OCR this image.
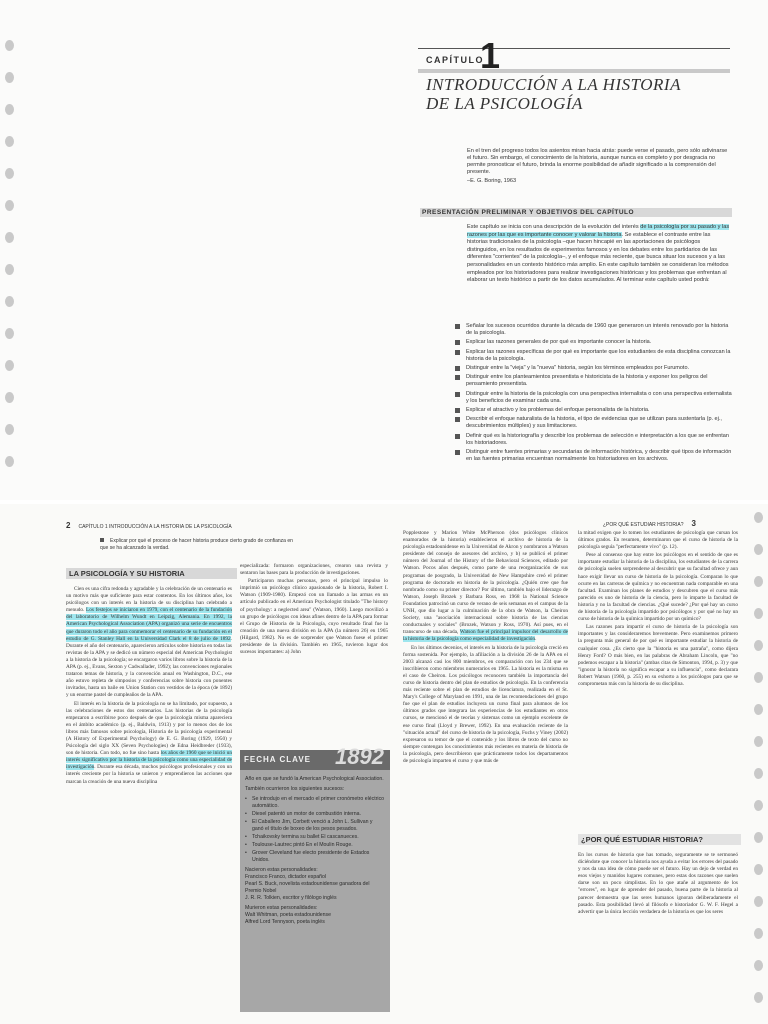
CAPÍTULO
1
INTRODUCCIÓN A LA HISTORIA
DE LA PSICOLOGÍA
En el tren del progreso todos los asientos miran hacia atrás: puede verse el pasado, pero sólo adivinarse el futuro. Sin embargo, el conocimiento de la historia, aunque nunca es completo y por desgracia no permite pronosticar el futuro, brinda la enorme posibilidad de añadir significado a la comprensión del presente.
–E. G. Boring, 1963
PRESENTACIÓN PRELIMINAR Y OBJETIVOS DEL CAPÍTULO
Este capítulo se inicia con una descripción de la evolución del interés de la psicología por su pasado y las razones por las que es importante conocer y valorar la historia. Se establece el contraste entre las historias tradicionales de la psicología –que hacen hincapié en las aportaciones de psicólogos distinguidos, en los resultados de experimentos famosos y en los debates entre los partidarios de las diferentes "corrientes" de la psicología–, y el enfoque más reciente, que busca situar los sucesos y a las personalidades en un contexto histórico más amplio. En este capítulo también se consideran los métodos empleados por los historiadores para realizar investigaciones históricas y los problemas que enfrentan al elaborar un texto histórico a partir de los datos acumulados. Al terminar este capítulo usted podrá:
Señalar los sucesos ocurridos durante la década de 1960 que generaron un interés renovado por la historia de la psicología.
Explicar las razones generales de por qué es importante conocer la historia.
Explicar las razones específicas de por qué es importante que los estudiantes de esta disciplina conozcan la historia de la psicología.
Distinguir entre la "vieja" y la "nueva" historia, según los términos empleados por Furumoto.
Distinguir entre los planteamientos presentista e historicista de la historia y exponer los peligros del pensamiento presentista.
Distinguir entre la historia de la psicología con una perspectiva internalista o con una perspectiva externalista y los beneficios de examinar cada una.
Explicar el atractivo y los problemas del enfoque personalista de la historia.
Describir el enfoque naturalista de la historia, el tipo de evidencias que se utilizan para sustentarla (p. ej., descubrimientos múltiples) y sus limitaciones.
Definir qué es la historiografía y describir los problemas de selección e interpretación a los que se enfrentan los historiadores.
Distinguir entre fuentes primarias y secundarias de información histórica, y describir qué tipos de información en las fuentes primarias encuentran normalmente los historiadores en los archivos.
2 CAPÍTULO 1 INTRODUCCIÓN A LA HISTORIA DE LA PSICOLOGÍA	¿POR QUÉ ESTUDIAR HISTORIA? 3
Explicar por qué el proceso de hacer historia produce cierto grado de confianza en que se ha alcanzado la verdad.
LA PSICOLOGÍA Y SU HISTORIA

Cien es una cifra redonda y agradable y la celebración de un centenario es un motivo más que suficiente para estar contentos. En los últimos años, los psicólogos con un interés en la historia de su disciplina han celebrado a menudo. Los festejos se iniciaron en 1979, con el centenario de la fundación del laboratorio de Wilhelm Wundt en Leipzig, Alemania. En 1992, la American Psychological Association (APA) organizó una serie de encuentros que duraron todo el año para conmemorar el centenario de su fundación en el estudio de G. Stanley Hall en la Universidad Clark el 8 de julio de 1892. Durante el año del centenario, aparecieron artículos sobre historia en todas las revistas de la APA y se dedicó un número especial del American Psychologist a la historia de la psicología; se encargaron varios libros sobre la historia de la APA (p. ej., Evans, Sexton y Cadwallader, 1992); las convenciones regionales trataron temas de historia, y la convención anual en Washington, D.C., ese año estuvo repleta de simposios y conferencias sobre historia con ponentes invitados, hasta un baile en Union Station con vestidos de la época (de 1892) y un enorme pastel de cumpleaños de la APA.

El interés en la historia de la psicología no se ha limitado, por supuesto, a las celebraciones de estos dos centenarios. Las historias de la psicología empezaron a escribirse poco después de que la psicología misma apareciera en el ámbito académico (p. ej., Baldwin, 1913) y por lo menos dos de los libros más famosos sobre psicología, Historia de la psicología experimental (A History of Experimental Psychology) de E. G. Boring (1929, 1950) y Psicología del siglo XX (Seven Psychologies) de Edna Heidbreder (1933), son de historia. Con todo, no fue sino hasta los años de 1960 que se inició un interés significativo por la historia de la psicología como una especialidad de investigación. Durante esa década, muchos psicólogos profesionales y con un interés creciente por la historia se unieron y emprendieron las acciones que marcan la creación de una nueva disciplina

especializada: formaron organizaciones, crearon una revista y sentaron las bases para la producción de investigaciones.

Participaron muchas personas, pero el principal impulso lo imprimió un psicólogo clínico apasionado de la historia, Robert I. Watson (1909-1980). Empezó con un llamado a las armas en un artículo publicado en el American Psychologist titulado "The history of psychology: a neglected area" (Watson, 1960). Luego movilizó a un grupo de psicólogos con ideas afines dentro de la APA para formar el Grupo de Historia de la Psicología, cuyo resultado final fue la creación de una nueva división en la APA (la número 26) en 1965 (Hilgard, 1982). No es de sorprender que Watson fuese el primer presidente de la división. También en 1965, tuvieron lugar dos sucesos importantes: a) John

FECHA CLAVE 1892
Año en que se fundó la American Psychological Association.
También ocurrieron los siguientes sucesos:
• Se introdujo en el mercado el primer cronómetro eléctrico automático.
• Diesel patentó un motor de combustión interna.
• El Caballero Jim, Corbett venció a John L. Sullivan y ganó el título de boxeo de los pesos pesados.
• Tchaikovsky termina su ballet El cascanueces.
• Toulouse-Lautrec pintó En el Moulin Rouge.
• Grover Cleveland fue electo presidente de Estados Unidos.
Nacieron estas personalidades:
Francisco Franco, dictador español
Pearl S. Buck, novelista estadounidense ganadora del Premio Nobel
J. R. R. Tolkien, escritor y filólogo inglés
Murieron estas personalidades:
Walt Whitman, poeta estadounidense
Alfred Lord Tennyson, poeta inglés

Popplestone y Marion White McPherson (dos psicólogos clínicos enamorados de la historia) establecieron el archivo de historia de la psicología estadounidense en la Universidad de Akron y nombraron a Watson presidente del consejo de asesores del archivo, y b) se publicó el primer número del Journal of the History of the Behavioral Sciences, editado por Watson. Pocos años después, como parte de una reorganización de sus programas de posgrado, la Universidad de New Hampshire creó el primer programa de doctorado en historia de la psicología. ¿Quién cree que fue nombrado como su primer director? Por último, también bajo el liderazgo de Watson, Joseph Brozek y Barbara Ross, en 1968 la National Science Foundation patrocinó un curso de verano de seis semanas en el campus de la UNH, que dio lugar a la culminación de la obra de Watson, la Cheiron Society, una "asociación internacional sobre historia de las ciencias conductuales y sociales" (Brozek, Watson y Ross, 1970). Así pues, en el transcurso de una década, Watson fue el principal impulsor del desarrollo de la historia de la psicología como especialidad de investigación.

En los últimos decenios, el interés en la historia de la psicología creció en forma sostenida. Por ejemplo, la afiliación a la división 26 de la APA en el 2003 alcanzó casi los 800 miembros, en comparación con los 234 que se inscribieron como miembros numerarios en 1965. La historia es la misma en el caso de Cheiron. Los psicólogos reconocen también la importancia del curso de historia dentro del plan de estudios de psicología. En la conferencia más reciente sobre el plan de estudios de licenciatura, realizada en el St. Mary's College of Maryland en 1991, una de las recomendaciones del grupo fue que el plan de estudios incluyera un curso final para alumnos de los últimos grados que integrara las experiencias de los estudiantes en otros cursos, se mencionó el de teorías y sistemas como un ejemplo excelente de ese curso final (Lloyd y Brewer, 1992). En una evaluación reciente de la "situación actual" del curso de historia de la psicología, Fuchs y Viney (2002) expresaron su temor de que el contenido y los libros de texto del curso no siempre contengan los conocimientos más recientes en materia de historia de la psicología, pero describieron que prácticamente todos los departamentos de psicología imparten el curso y que más de

la mitad exigen que lo tomen los estudiantes de psicología que cursan los últimos grados. En resumen, determinaron que el curso de historia de la psicología seguía "perfectamente vivo" (p. 12).

Pese al consenso que hay entre los psicólogos en el sentido de que es importante estudiar la historia de la disciplina, los estudiantes de la carrera de psicología suelen sorprenderse al descubrir que su facultad ofrece y aun hace exigir llevar un curso de historia de la psicología. Comparan lo que ocurre en las carreras de química y no encuentran nada comparable en una facultad. Examinan los planes de estudios y descubren que el curso más parecido es uno de historia de la ciencia, pero lo imparte la facultad de historia y no la facultad de ciencias. ¿Qué sucede? ¿Por qué hay un curso de historia de la psicología impartido por psicólogos y por qué no hay un curso de historia de la química impartido por un químico?

Las razones para impartir el curso de historia de la psicología son importantes y las consideraremos brevemente. Pero examinemos primero la pregunta más general de por qué es importante estudiar la historia de cualquier cosa. ¿Es cierto que la "historia es una patraña", como dijera Henry Ford? O más bien, en las palabras de Abraham Lincoln, que "no podemos escapar a la historia" (ambas citas de Simonton, 1994, p. 3) y que "ignorar la historia no significa escapar a su influencia", como declarara Robert Watson (1960, p. 255) en su exhorto a los psicólogos para que se comprometan más con la historia de su disciplina.

¿POR QUÉ ESTUDIAR HISTORIA?

En los cursos de historia que has tomado, seguramente se te sermoneó diciéndote que conocer la historia nos ayuda a evitar los errores del pasado y nos da una idea de cómo puede ser el futuro. Hay un dejo de verdad en esos viejos y manidos lugares comunes, pero estas dos razones que suelen darse son un poco simplistas. En lo que atañe al argumento de los "errores", en lugar de aprender del pasado, buena parte de la historia al parecer demuestra que las seres humanos ignoran deliberadamente el pasado. Esta posibilidad llevó al filósofo e historiador G. W. F. Hegel a advertir que la única lección verdadera de la historia es que los seres
